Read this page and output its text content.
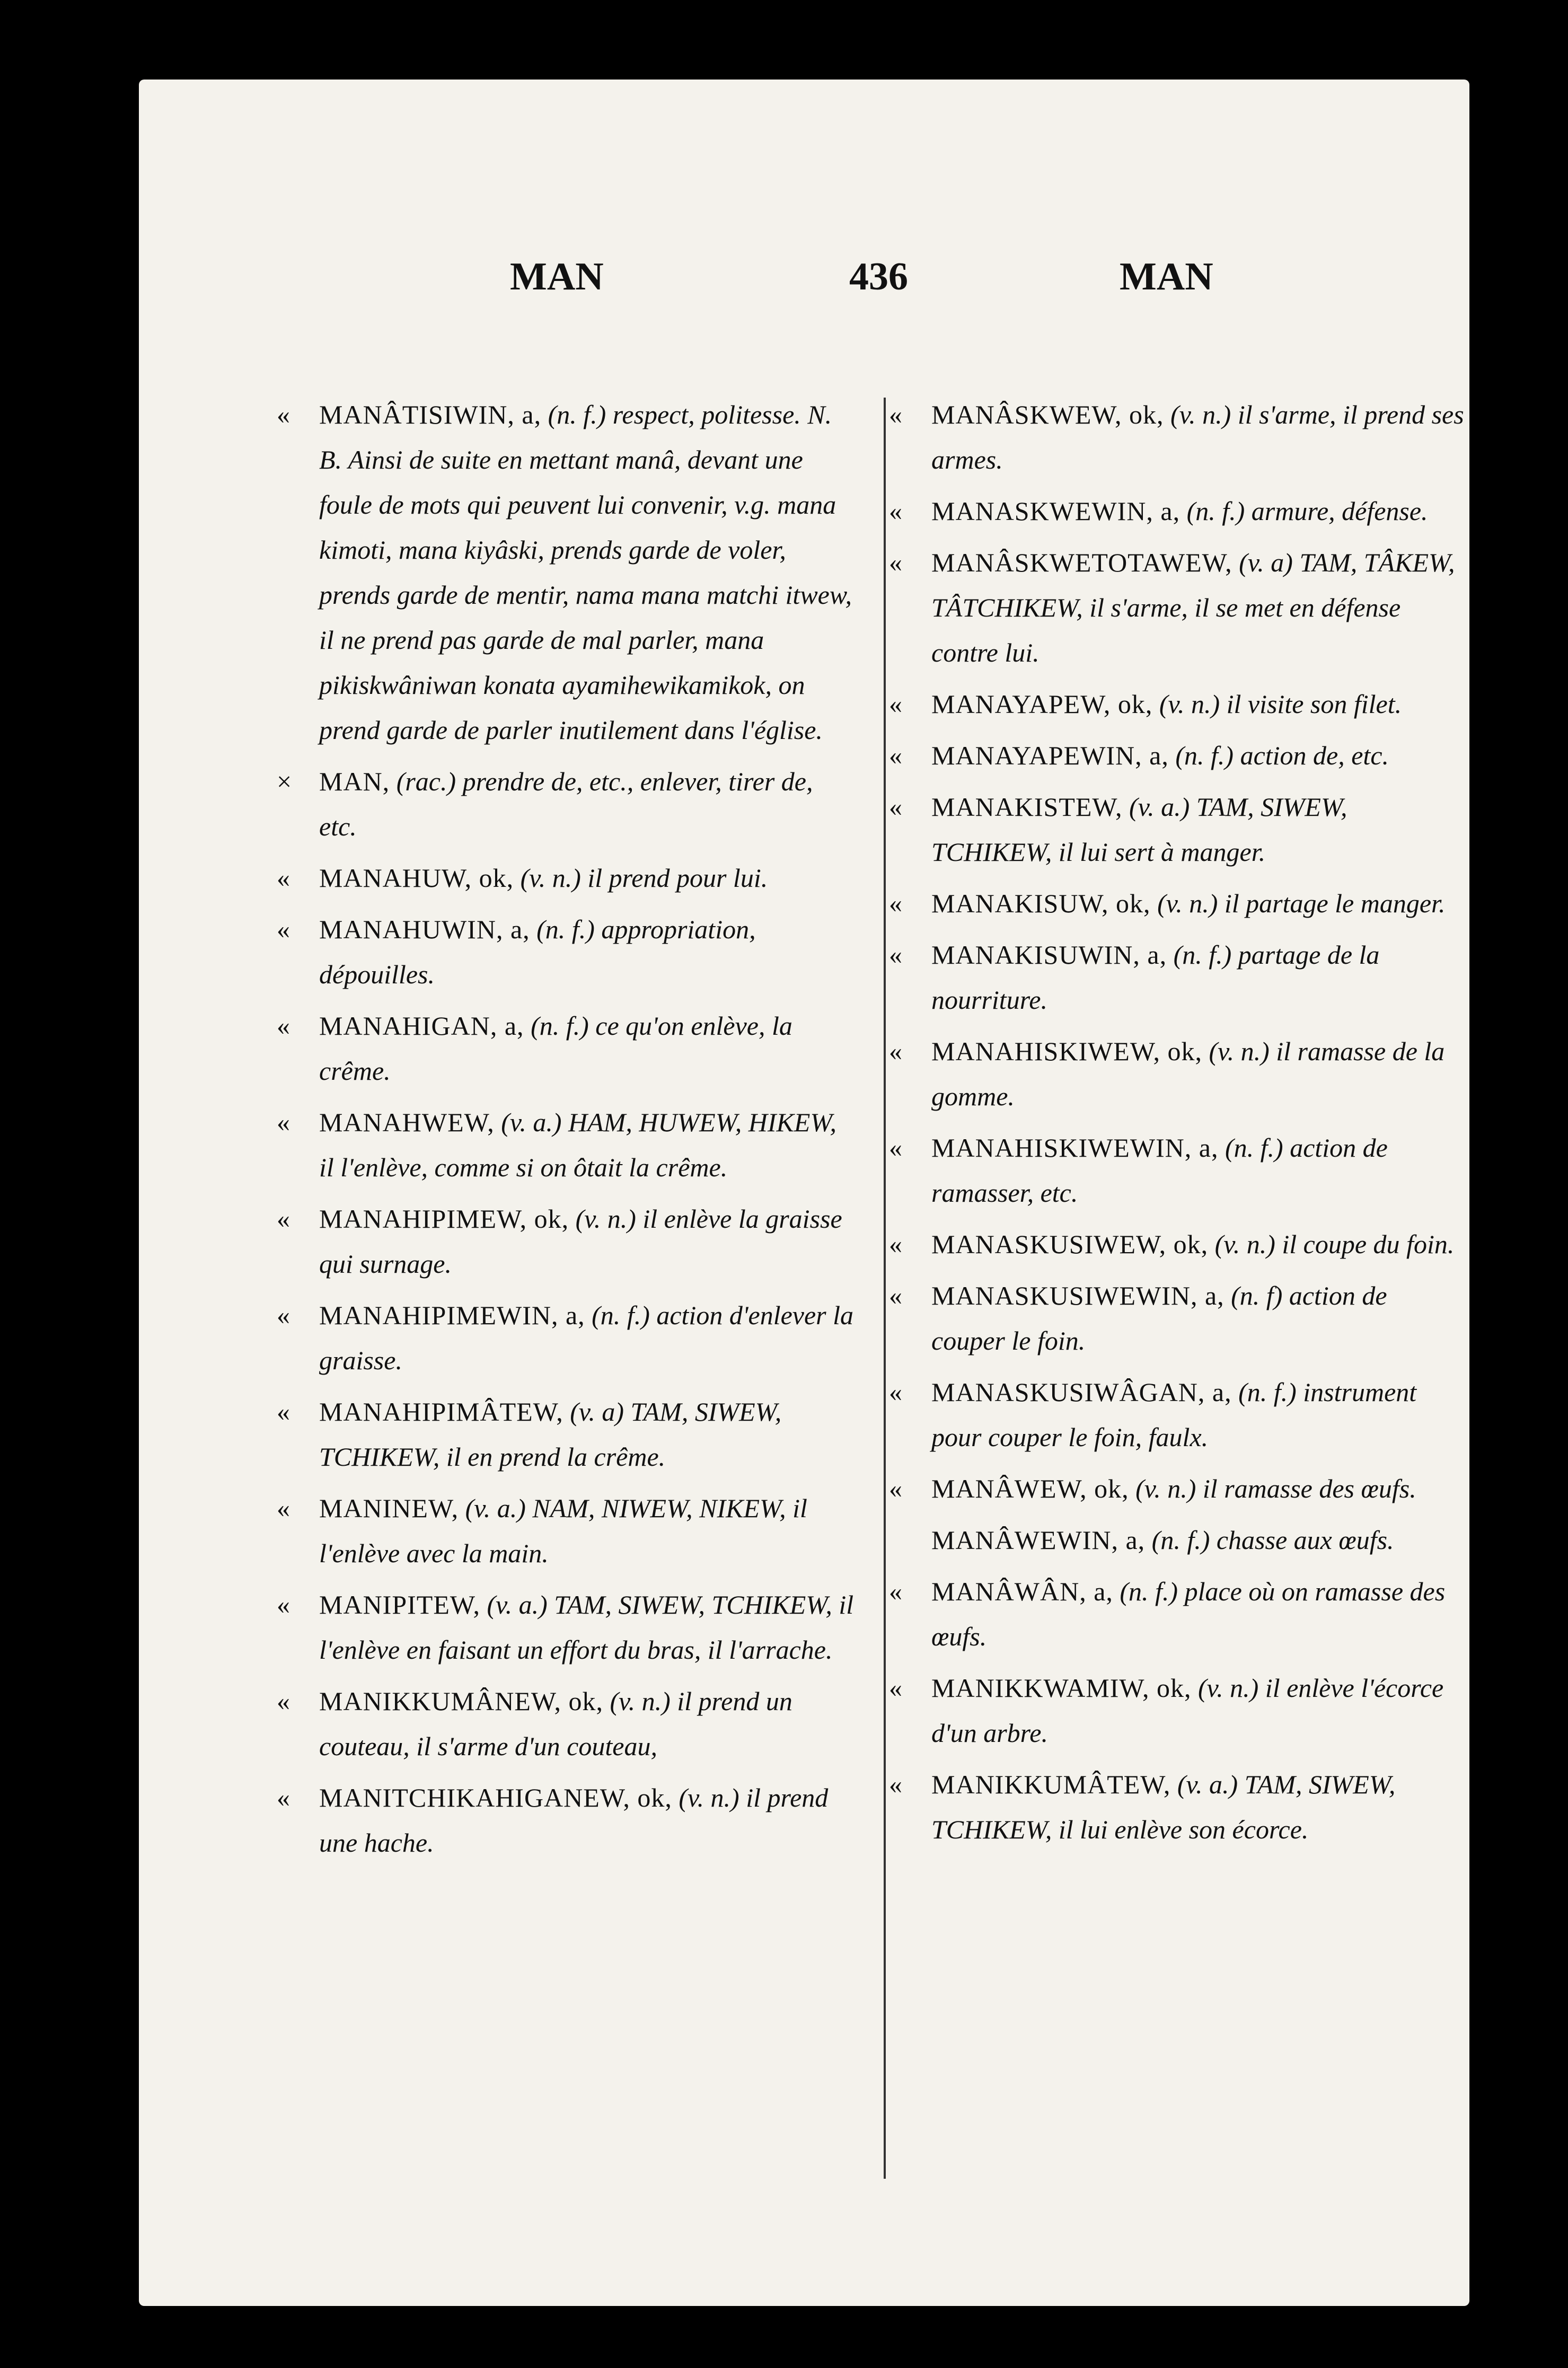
MAN	436	MAN

« MANÂTISIWIN, a, (n. f.) respect, politesse. N. B. Ainsi de suite en mettant manâ, devant une foule de mots qui peuvent lui convenir, v.g. mana kimoti, mana kiyâski, prends garde de voler, prends garde de mentir, nama mana matchi itwew, il ne prend pas garde de mal parler, mana pikiskwâniwan konata ayamihewikamikok, on prend garde de parler inutilement dans l'église.

× MAN, (rac.) prendre de, etc., enlever, tirer de, etc.

« MANAHUW, ok, (v. n.) il prend pour lui.

« MANAHUWIN, a, (n. f.) appropriation, dépouilles.

« MANAHIGAN, a, (n. f.) ce qu'on enlève, la crême.

« MANAHWEW, (v. a.) HAM, HUWEW, HIKEW, il l'enlève, comme si on ôtait la crême.

« MANAHIPIMEW, ok, (v. n.) il enlève la graisse qui surnage.

« MANAHIPIMEWIN, a, (n. f.) action d'enlever la graisse.

« MANAHIPIMÂTEW, (v. a) TAM, SIWEW, TCHIKEW, il en prend la crême.

« MANINEW, (v. a.) NAM, NIWEW, NIKEW, il l'enlève avec la main.

« MANIPITEW, (v. a.) TAM, SIWEW, TCHIKEW, il l'enlève en faisant un effort du bras, il l'arrache.

« MANIKKUMÂNEW, ok, (v. n.) il prend un couteau, il s'arme d'un couteau,

« MANITCHIKAHIGANEW, ok, (v. n.) il prend une hache.

« MANÂSKWEW, ok, (v. n.) il s'arme, il prend ses armes.

« MANASKWEWIN, a, (n. f.) armure, défense.

« MANÂSKWETOTAWEW, (v. a) TAM, TÂKEW, TÂTCHIKEW, il s'arme, il se met en défense contre lui.

« MANAYAPEW, ok, (v. n.) il visite son filet.

« MANAYAPEWIN, a, (n. f.) action de, etc.

« MANAKISTEW, (v. a.) TAM, SIWEW, TCHIKEW, il lui sert à manger.

« MANAKISUW, ok, (v. n.) il partage le manger.

« MANAKISUWIN, a, (n. f.) partage de la nourriture.

« MANAHISKIWEW, ok, (v. n.) il ramasse de la gomme.

« MANAHISKIWEWIN, a, (n. f.) action de ramasser, etc.

« MANASKUSIWEW, ok, (v. n.) il coupe du foin.

« MANASKUSIWEWIN, a, (n. f) action de couper le foin.

« MANASKUSIWÂGAN, a, (n. f.) instrument pour couper le foin, faulx.

« MANÂWEW, ok, (v. n.) il ramasse des œufs.

MANÂWEWIN, a, (n. f.) chasse aux œufs.

« MANÂWÂN, a, (n. f.) place où on ramasse des œufs.

« MANIKKWAMIW, ok, (v. n.) il enlève l'écorce d'un arbre.

« MANIKKUMÂTEW, (v. a.) TAM, SIWEW, TCHIKEW, il lui enlève son écorce.
